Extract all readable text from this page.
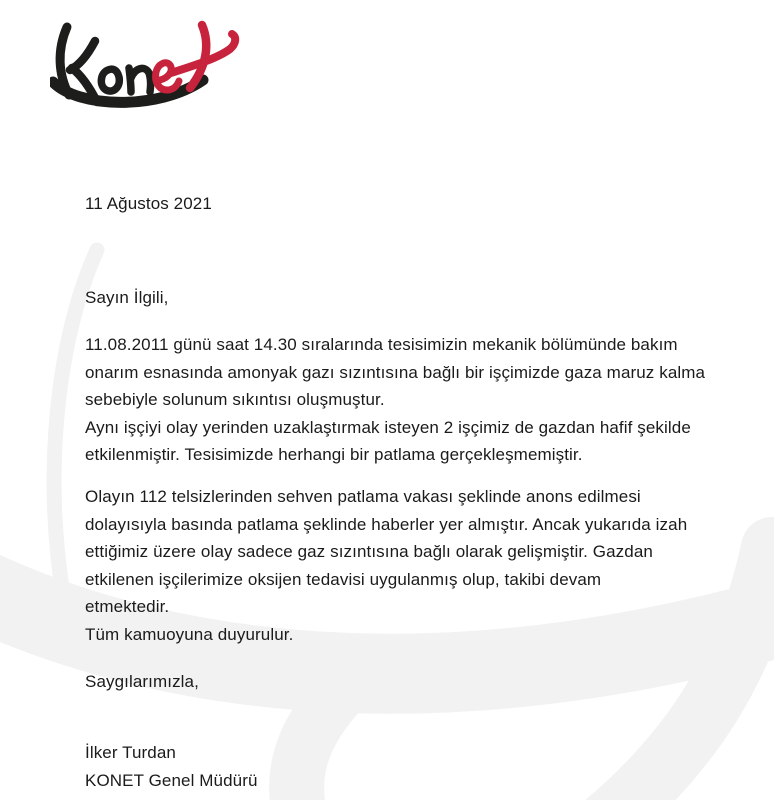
11 Ağustos 2021
Sayın İlgili,
11.08.2011 günü saat 14.30 sıralarında tesisimizin mekanik bölümünde bakım
onarım esnasında amonyak gazı sızıntısına bağlı bir işçimizde gaza maruz kalma
sebebiyle solunum sıkıntısı oluşmuştur.
Aynı işçiyi olay yerinden uzaklaştırmak isteyen 2 işçimiz de gazdan hafif şekilde
etkilenmiştir. Tesisimizde herhangi bir patlama gerçekleşmemiştir.
Olayın 112 telsizlerinden sehven patlama vakası şeklinde anons edilmesi
dolayısıyla basında patlama şeklinde haberler yer almıştır. Ancak yukarıda izah
ettiğimiz üzere olay sadece gaz sızıntısına bağlı olarak gelişmiştir. Gazdan
etkilenen işçilerimize oksijen tedavisi uygulanmış olup, takibi devam
etmektedir.
Tüm kamuoyuna duyurulur.
Saygılarımızla,
İlker Turdan
KONET Genel Müdürü
